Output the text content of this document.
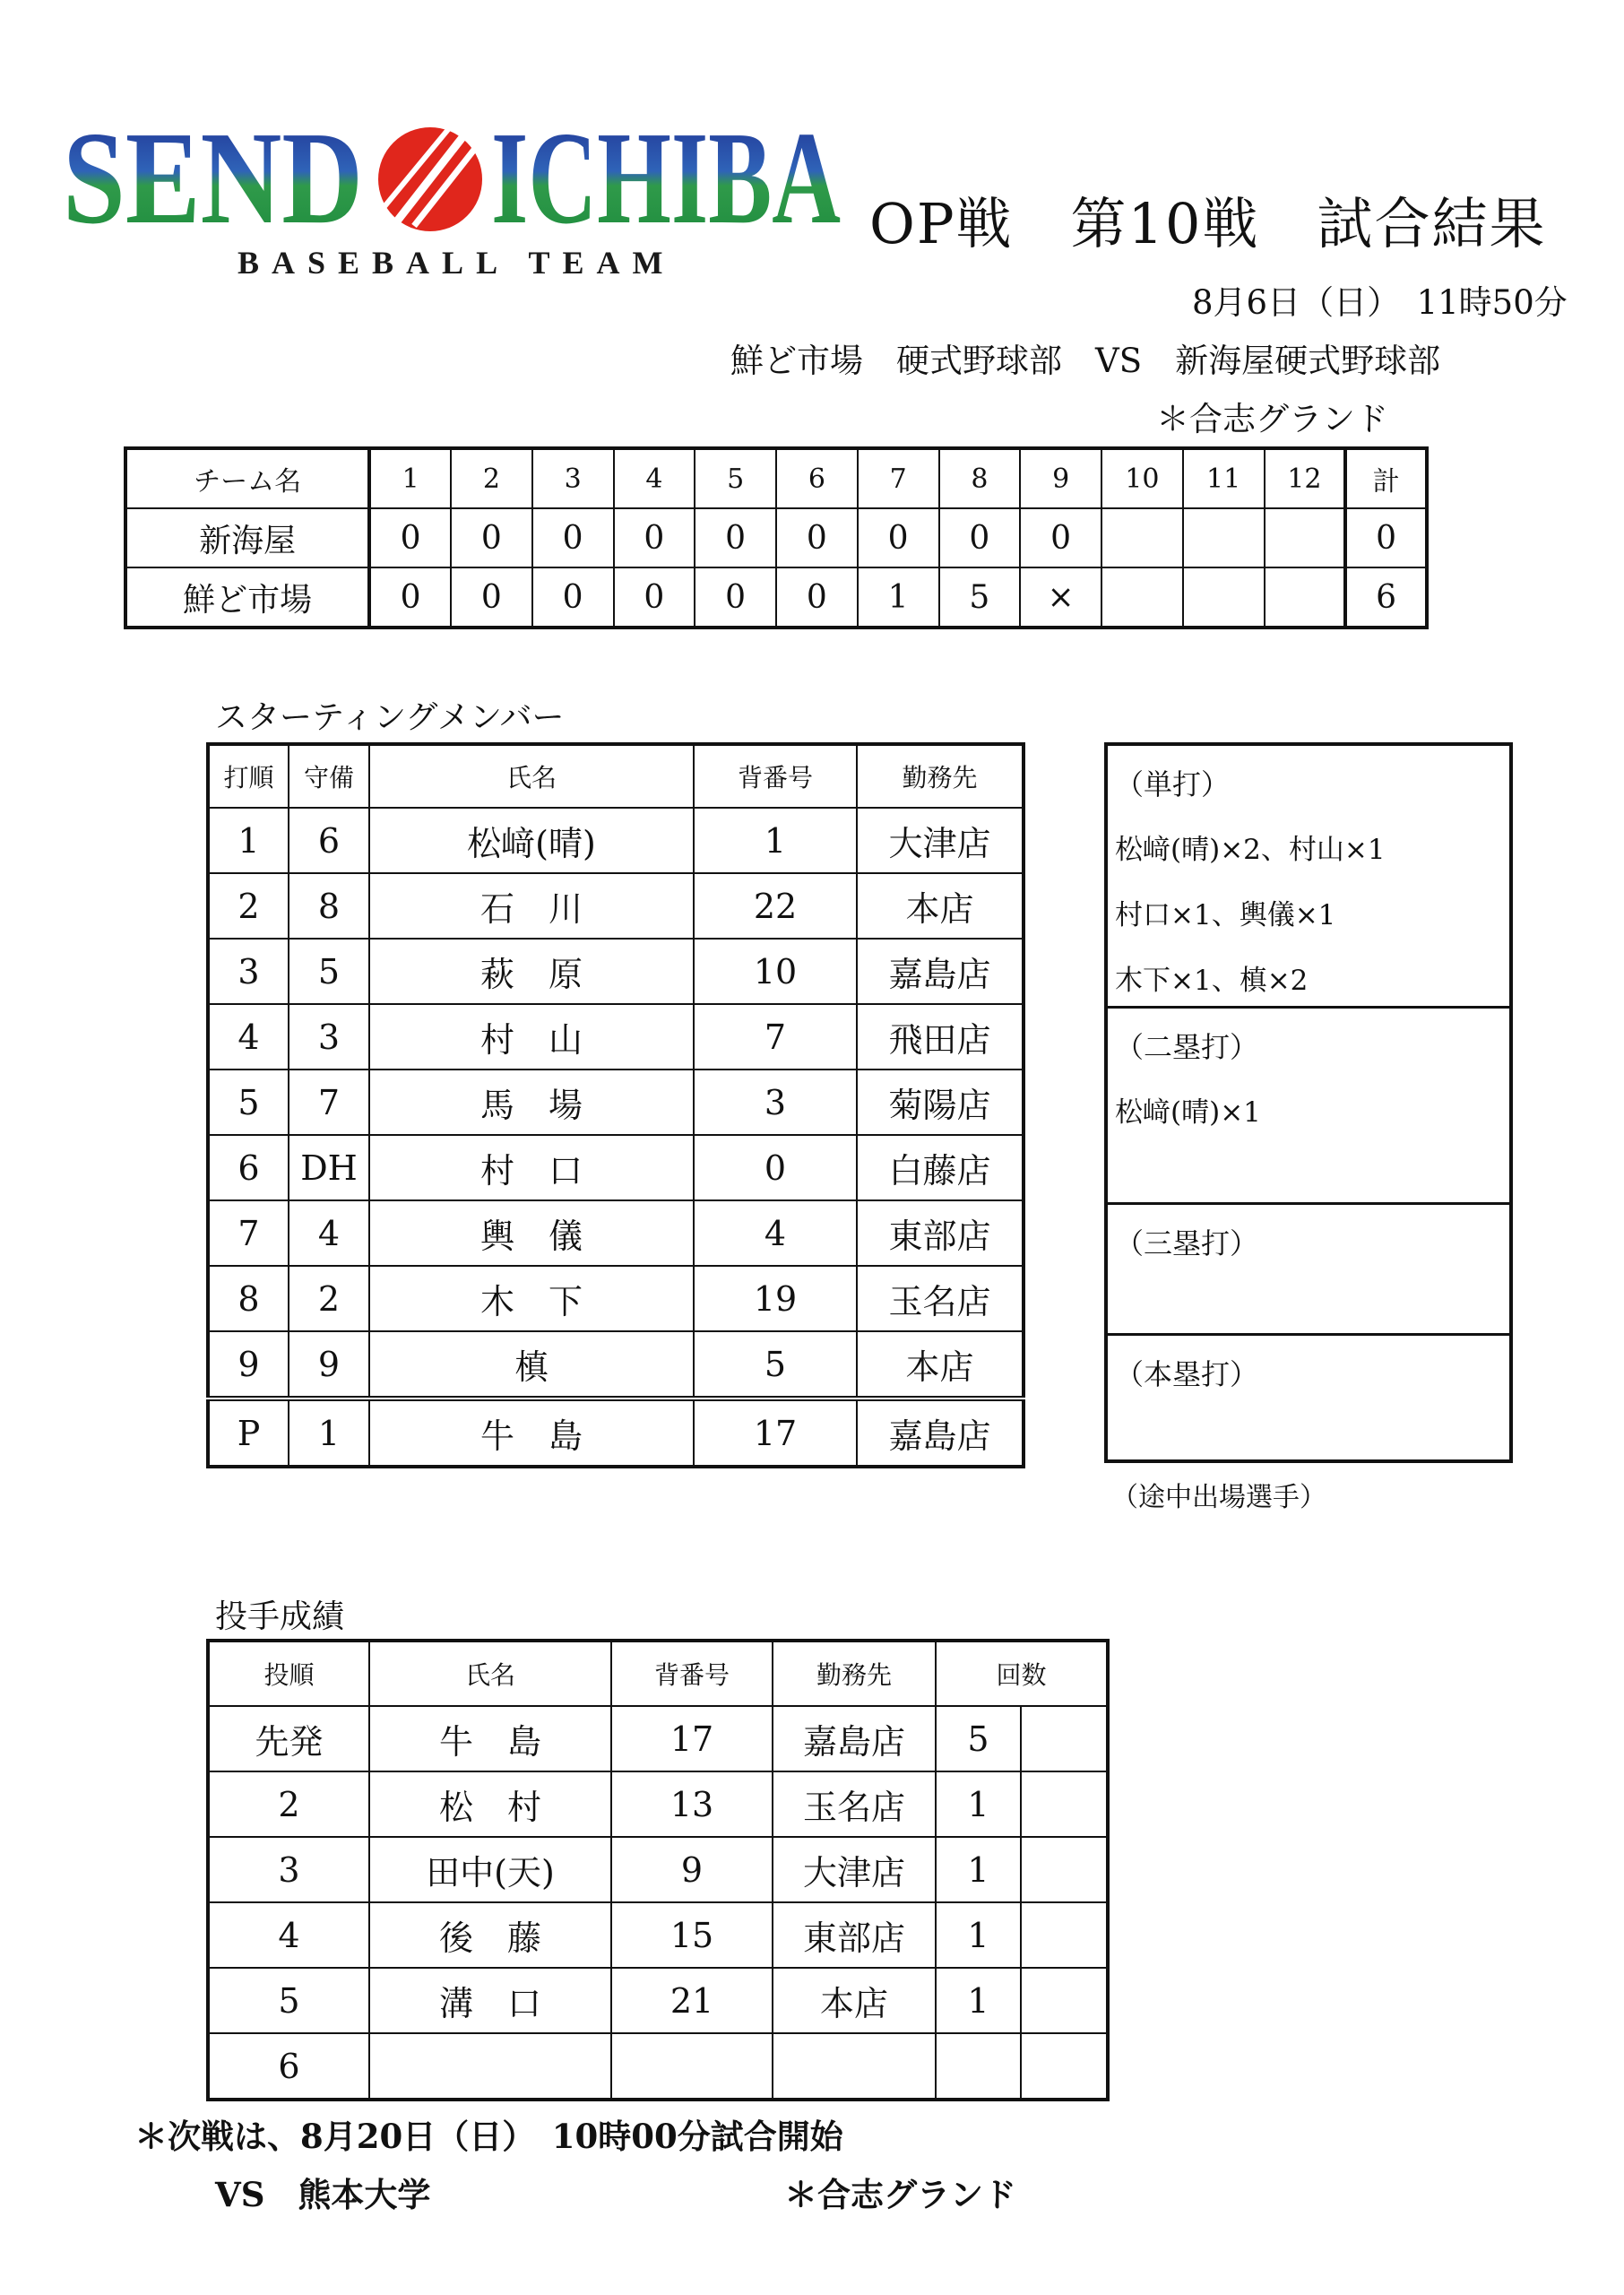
SEND ICHIBA
BASEBALL TEAM
OP戦　第10戦　試合結果
8月6日（日）　11時50分
鮮ど市場　硬式野球部　VS　新海屋硬式野球部
＊合志グランド
チーム名	1	2	3	4	5	6	7	8	9	10	11	12	計
新海屋	0	0	0	0	0	0	0	0	0				0
鮮ど市場	0	0	0	0	0	0	1	5	×				6
スターティングメンバー
打順	守備	氏名	背番号	勤務先
1	6	松﨑(晴)	1	大津店
2	8	石　川	22	本店
3	5	萩　原	10	嘉島店
4	3	村　山	7	飛田店
5	7	馬　場	3	菊陽店
6	DH	村　口	0	白藤店
7	4	輿　儀	4	東部店
8	2	木　下	19	玉名店
9	9	槙	5	本店
P	1	牛　島	17	嘉島店
（単打）
松﨑(晴)×2、村山×1
村口×1、輿儀×1
木下×1、槙×2
（二塁打）
松﨑(晴)×1
（三塁打）
（本塁打）
（途中出場選手）
投手成績
投順	氏名	背番号	勤務先	回数	
先発	牛　島	17	嘉島店	5	
2	松　村	13	玉名店	1	
3	田中(天)	9	大津店	1	
4	後　藤	15	東部店	1	
5	溝　口	21	本店	1	
6					
＊次戦は、8月20日（日）　10時00分試合開始
VS　熊本大学	＊合志グランド
